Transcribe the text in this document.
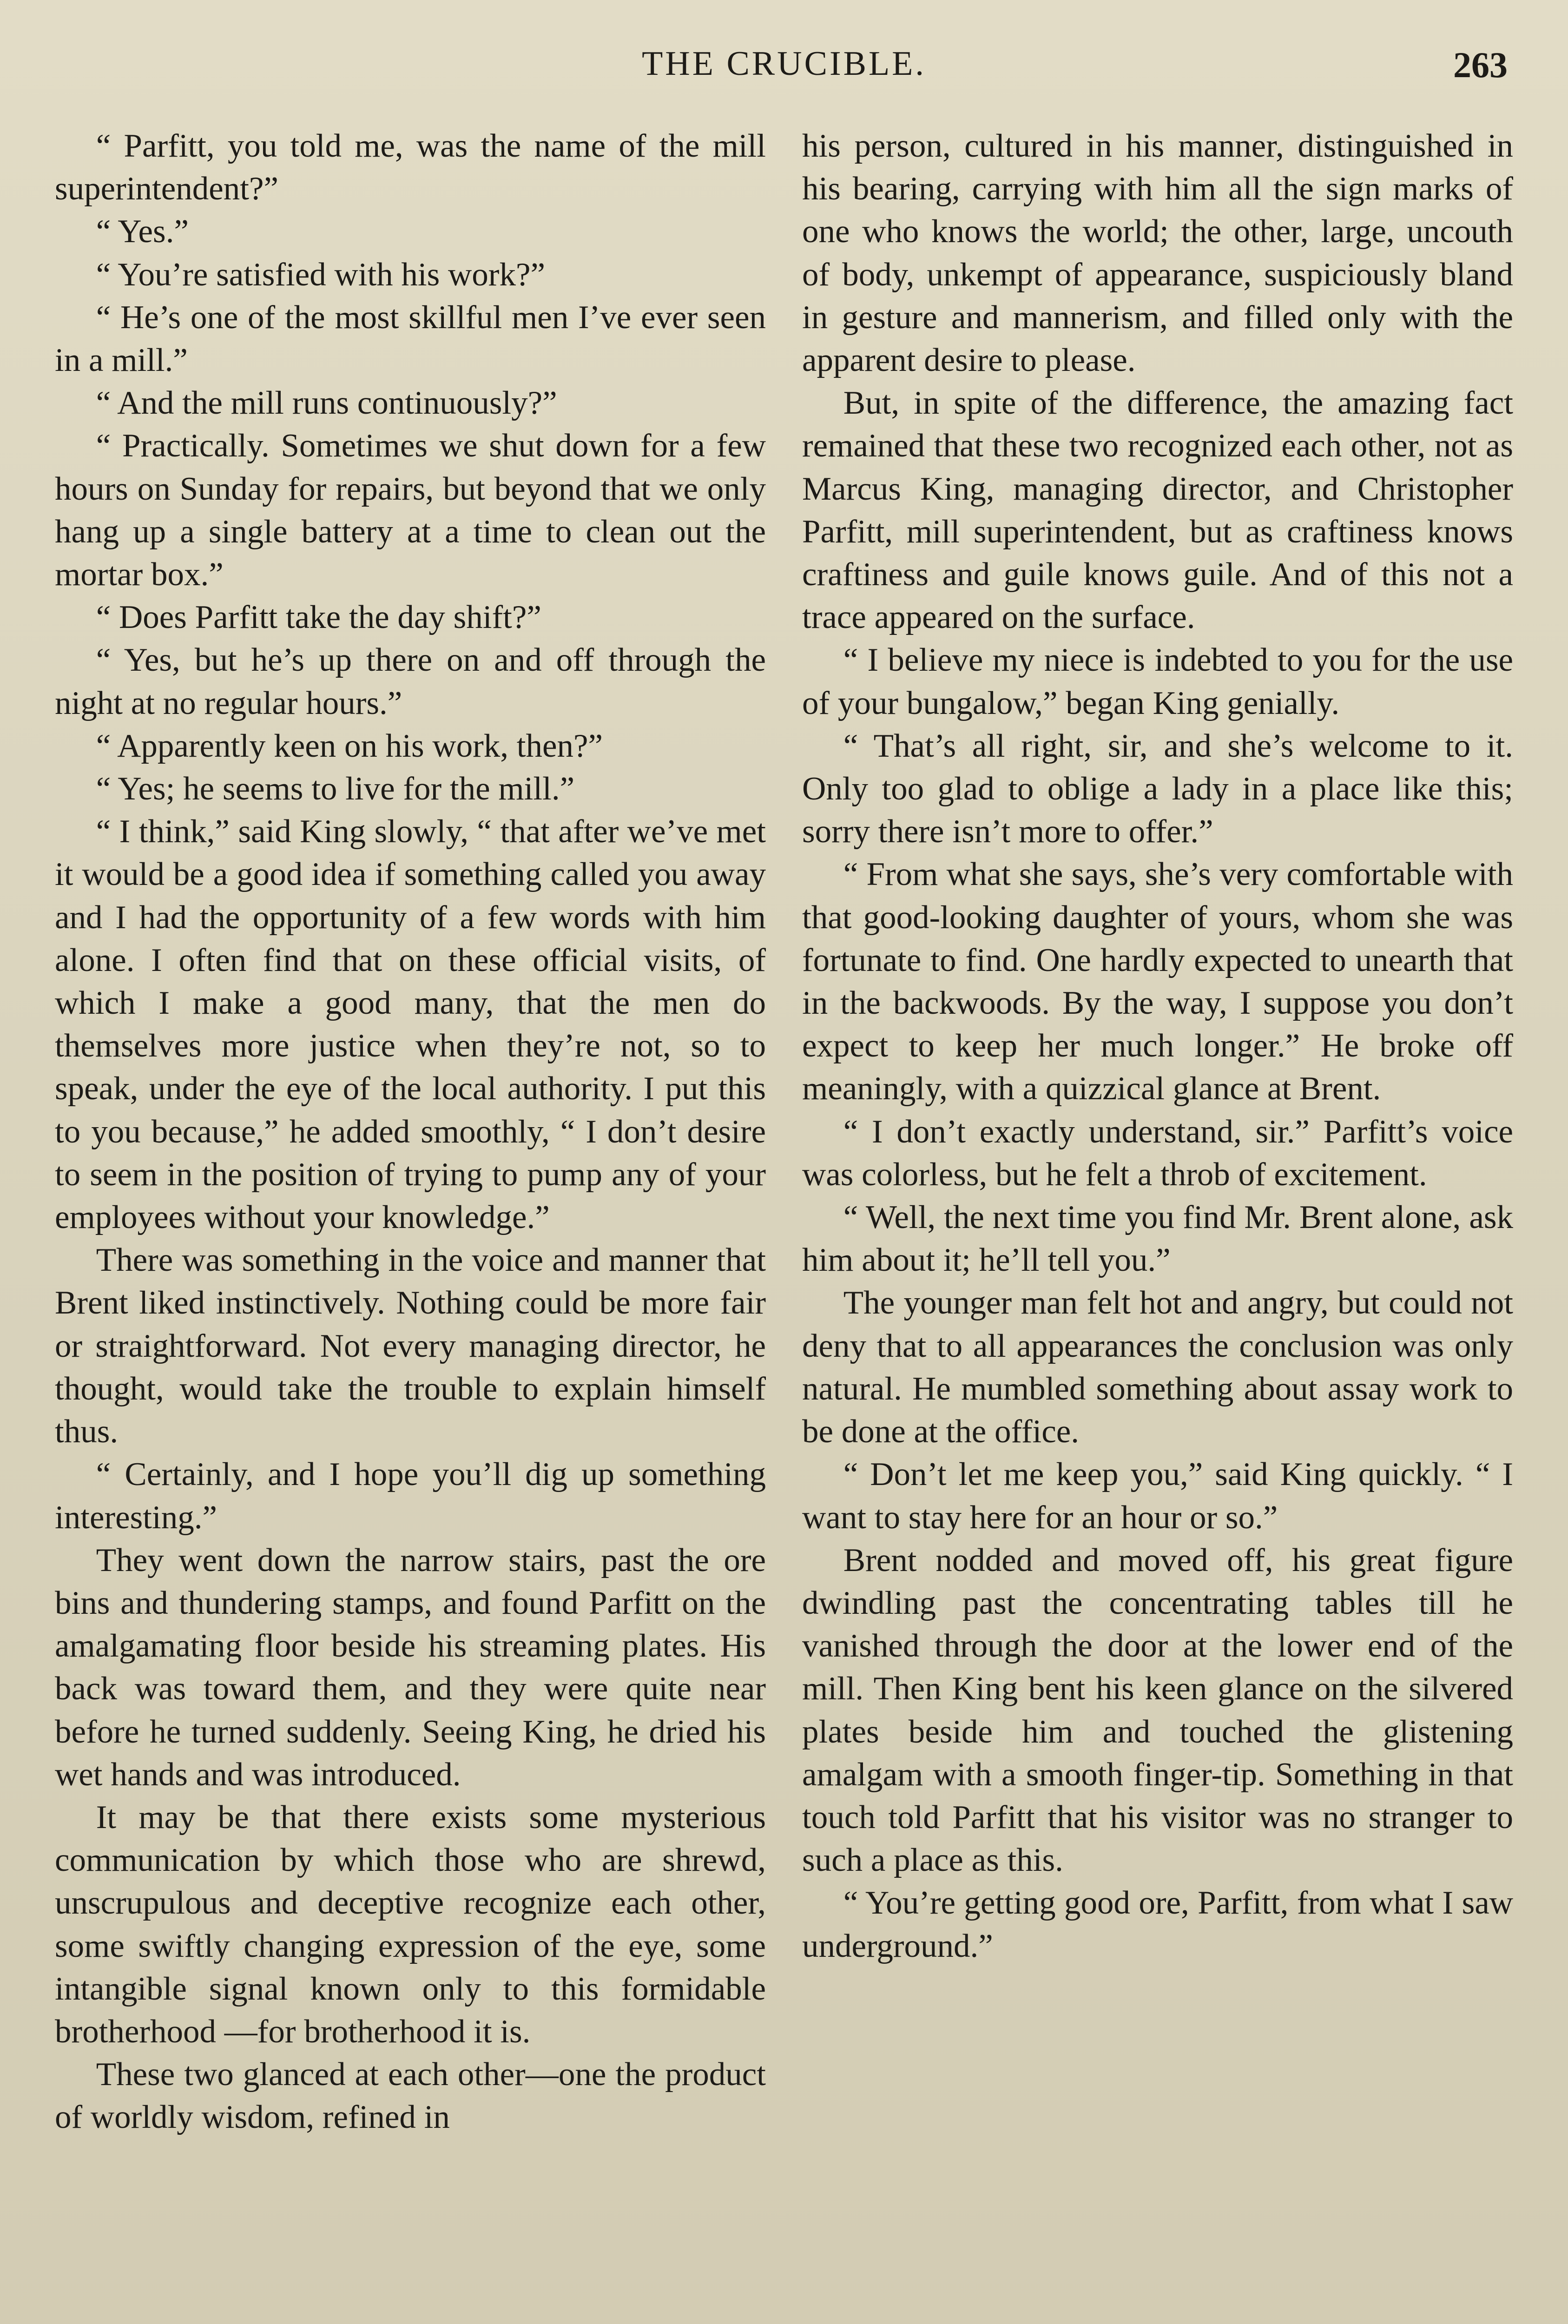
THE CRUCIBLE.	263

“ Parfitt, you told me, was the name of the mill superintendent?”

“ Yes.”

“ You’re satisfied with his work?”

“ He’s one of the most skillful men I’ve ever seen in a mill.”

“ And the mill runs continuously?”

“ Practically. Sometimes we shut down for a few hours on Sunday for repairs, but beyond that we only hang up a single battery at a time to clean out the mortar box.”

“ Does Parfitt take the day shift?”

“ Yes, but he’s up there on and off through the night at no regular hours.”

“ Apparently keen on his work, then?”

“ Yes; he seems to live for the mill.”

“ I think,” said King slowly, “ that after we’ve met it would be a good idea if something called you away and I had the opportunity of a few words with him alone. I often find that on these official visits, of which I make a good many, that the men do themselves more justice when they’re not, so to speak, under the eye of the local authority. I put this to you because,” he added smoothly, “ I don’t desire to seem in the position of trying to pump any of your employees without your knowledge.”

There was something in the voice and manner that Brent liked instinctively. Nothing could be more fair or straightforward. Not every managing director, he thought, would take the trouble to explain himself thus.

“ Certainly, and I hope you’ll dig up something interesting.”

They went down the narrow stairs, past the ore bins and thundering stamps, and found Parfitt on the amalgamating floor beside his streaming plates. His back was toward them, and they were quite near before he turned suddenly. Seeing King, he dried his wet hands and was introduced.

It may be that there exists some mysterious communication by which those who are shrewd, unscrupulous and deceptive recognize each other, some swiftly changing expression of the eye, some intangible signal known only to this formidable brotherhood —for brotherhood it is.

These two glanced at each other—one the product of worldly wisdom, refined in

his person, cultured in his manner, distinguished in his bearing, carrying with him all the sign marks of one who knows the world; the other, large, uncouth of body, unkempt of appearance, suspiciously bland in gesture and mannerism, and filled only with the apparent desire to please.

But, in spite of the difference, the amazing fact remained that these two recognized each other, not as Marcus King, managing director, and Christopher Parfitt, mill superintendent, but as craftiness knows craftiness and guile knows guile. And of this not a trace appeared on the surface.

“ I believe my niece is indebted to you for the use of your bungalow,” began King genially.

“ That’s all right, sir, and she’s welcome to it. Only too glad to oblige a lady in a place like this; sorry there isn’t more to offer.”

“ From what she says, she’s very comfortable with that good-looking daughter of yours, whom she was fortunate to find. One hardly expected to unearth that in the backwoods. By the way, I suppose you don’t expect to keep her much longer.” He broke off meaningly, with a quizzical glance at Brent.

“ I don’t exactly understand, sir.” Parfitt’s voice was colorless, but he felt a throb of excitement.

“ Well, the next time you find Mr. Brent alone, ask him about it; he’ll tell you.”

The younger man felt hot and angry, but could not deny that to all appearances the conclusion was only natural. He mumbled something about assay work to be done at the office.

“ Don’t let me keep you,” said King quickly. “ I want to stay here for an hour or so.”

Brent nodded and moved off, his great figure dwindling past the concentrating tables till he vanished through the door at the lower end of the mill. Then King bent his keen glance on the silvered plates beside him and touched the glistening amalgam with a smooth finger-tip. Something in that touch told Parfitt that his visitor was no stranger to such a place as this.

“ You’re getting good ore, Parfitt, from what I saw underground.”
